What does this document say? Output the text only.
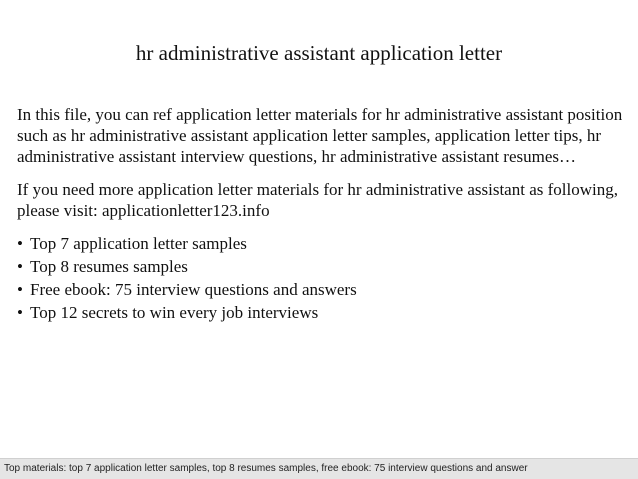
hr administrative assistant application letter

In this file, you can ref application letter materials for hr administrative assistant position such as hr administrative assistant application letter samples, application letter tips, hr administrative assistant interview questions, hr administrative assistant resumes…

If you need more application letter materials for hr administrative assistant as following, please visit: applicationletter123.info

• Top 7 application letter samples
• Top 8 resumes samples
• Free ebook: 75 interview questions and answers
• Top 12 secrets to win every job interviews
Top materials: top 7 application letter samples, top 8 resumes samples, free ebook: 75 interview questions and answer
